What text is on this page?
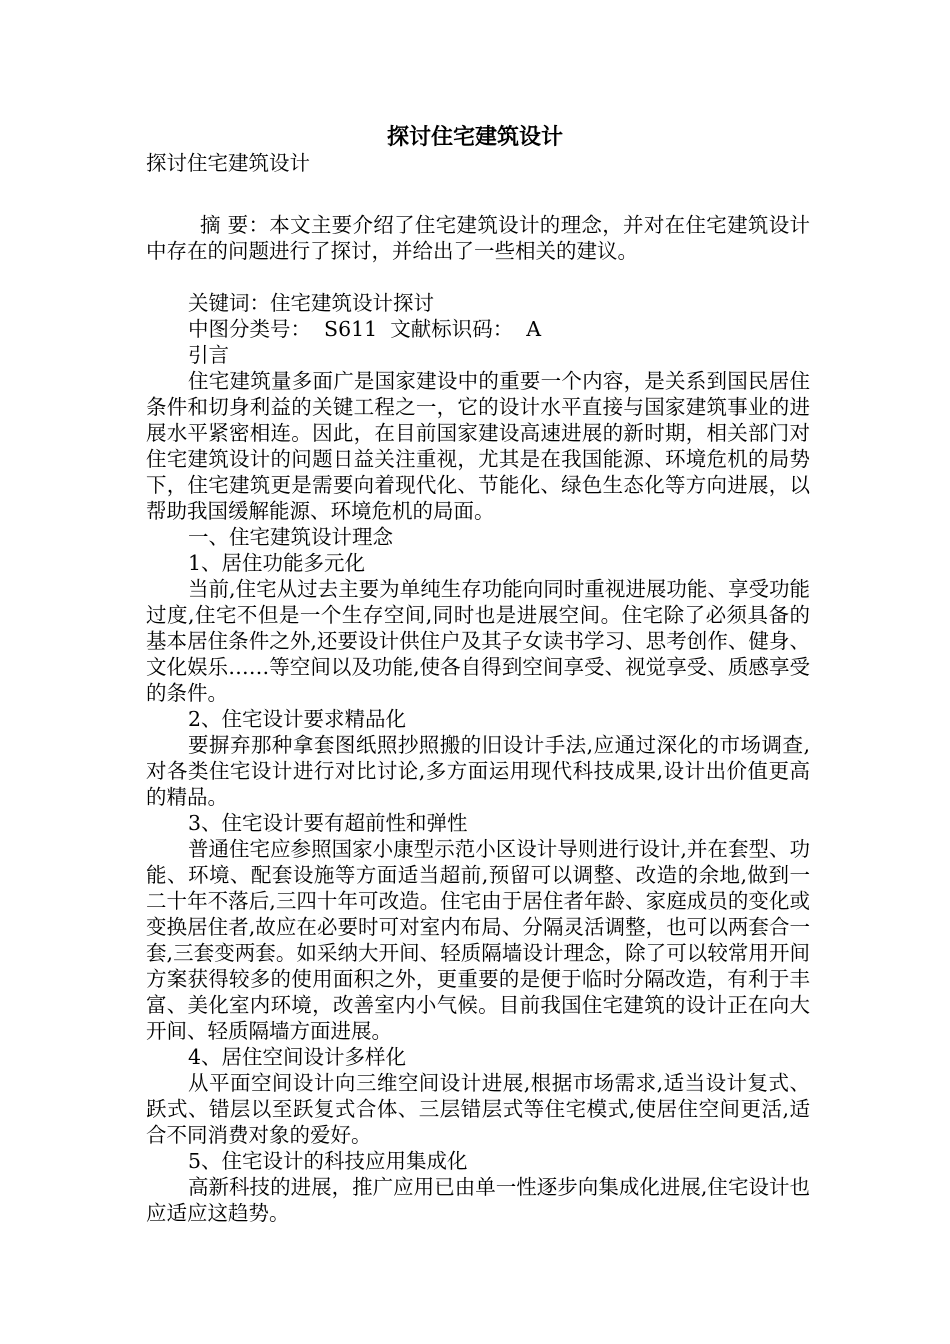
探讨住宅建筑设计

探讨住宅建筑设计

摘 要：本文主要介绍了住宅建筑设计的理念，并对在住宅建筑设计中存在的问题进行了探讨，并给出了一些相关的建议。

关键词：住宅建筑设计探讨

中图分类号：  S611  文献标识码：  A

引言

住宅建筑量多面广是国家建设中的重要一个内容，是关系到国民居住条件和切身利益的关键工程之一，它的设计水平直接与国家建筑事业的进展水平紧密相连。因此，在目前国家建设高速进展的新时期，相关部门对住宅建筑设计的问题日益关注重视，尤其是在我国能源、环境危机的局势下，住宅建筑更是需要向着现代化、节能化、绿色生态化等方向进展，以帮助我国缓解能源、环境危机的局面。

一、住宅建筑设计理念

1、居住功能多元化

当前,住宅从过去主要为单纯生存功能向同时重视进展功能、享受功能过度,住宅不但是一个生存空间,同时也是进展空间。住宅除了必须具备的基本居住条件之外,还要设计供住户及其子女读书学习、思考创作、健身、文化娱乐……等空间以及功能,使各自得到空间享受、视觉享受、质感享受的条件。

2、住宅设计要求精品化

要摒弃那种拿套图纸照抄照搬的旧设计手法,应通过深化的市场调查,对各类住宅设计进行对比讨论,多方面运用现代科技成果,设计出价值更高的精品。

3、住宅设计要有超前性和弹性

普通住宅应参照国家小康型示范小区设计导则进行设计,并在套型、功能、环境、配套设施等方面适当超前,预留可以调整、改造的余地,做到一二十年不落后,三四十年可改造。住宅由于居住者年龄、家庭成员的变化或变换居住者,故应在必要时可对室内布局、分隔灵活调整，也可以两套合一套,三套变两套。如采纳大开间、轻质隔墙设计理念，除了可以较常用开间方案获得较多的使用面积之外，更重要的是便于临时分隔改造，有利于丰富、美化室内环境，改善室内小气候。目前我国住宅建筑的设计正在向大开间、轻质隔墙方面进展。

4、居住空间设计多样化

从平面空间设计向三维空间设计进展,根据市场需求,适当设计复式、跃式、错层以至跃复式合体、三层错层式等住宅模式,使居住空间更活,适合不同消费对象的爱好。

5、住宅设计的科技应用集成化

高新科技的进展，推广应用已由单一性逐步向集成化进展,住宅设计也应适应这趋势。
